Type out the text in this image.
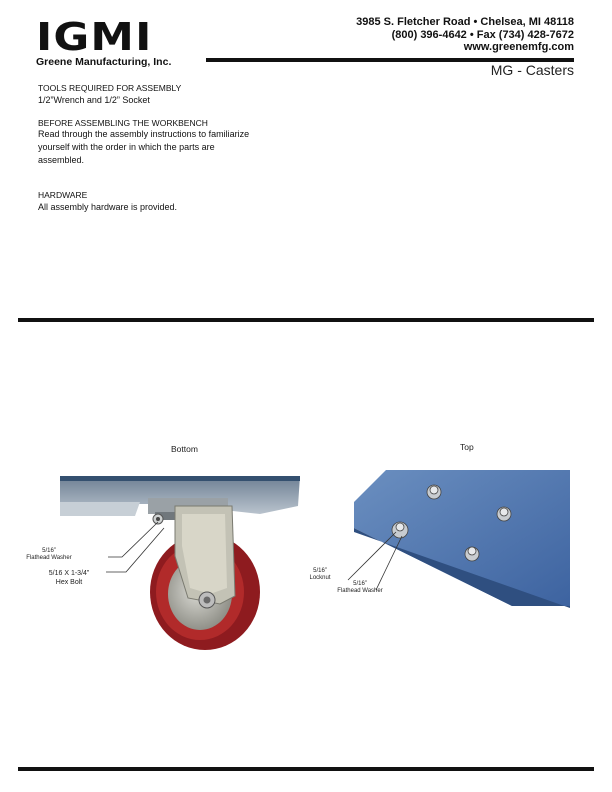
IGMI
Greene Manufacturing, Inc.
3985 S. Fletcher Road • Chelsea, MI 48118
(800) 396-4642 • Fax (734) 428-7672
www.greenemfg.com
MG - Casters
TOOLS REQUIRED FOR ASSEMBLY
1/2”Wrench and 1/2” Socket
BEFORE ASSEMBLING THE WORKBENCH
Read through the assembly instructions to familiarize
yourself with the order in which the parts are
assembled.
HARDWARE
All assembly hardware is provided.
Bottom	Top
5/16”
Flathead Washer
5/16 X 1-3/4”
Hex Bolt
5/16”
Locknut
5/16”
Flathead Washer
